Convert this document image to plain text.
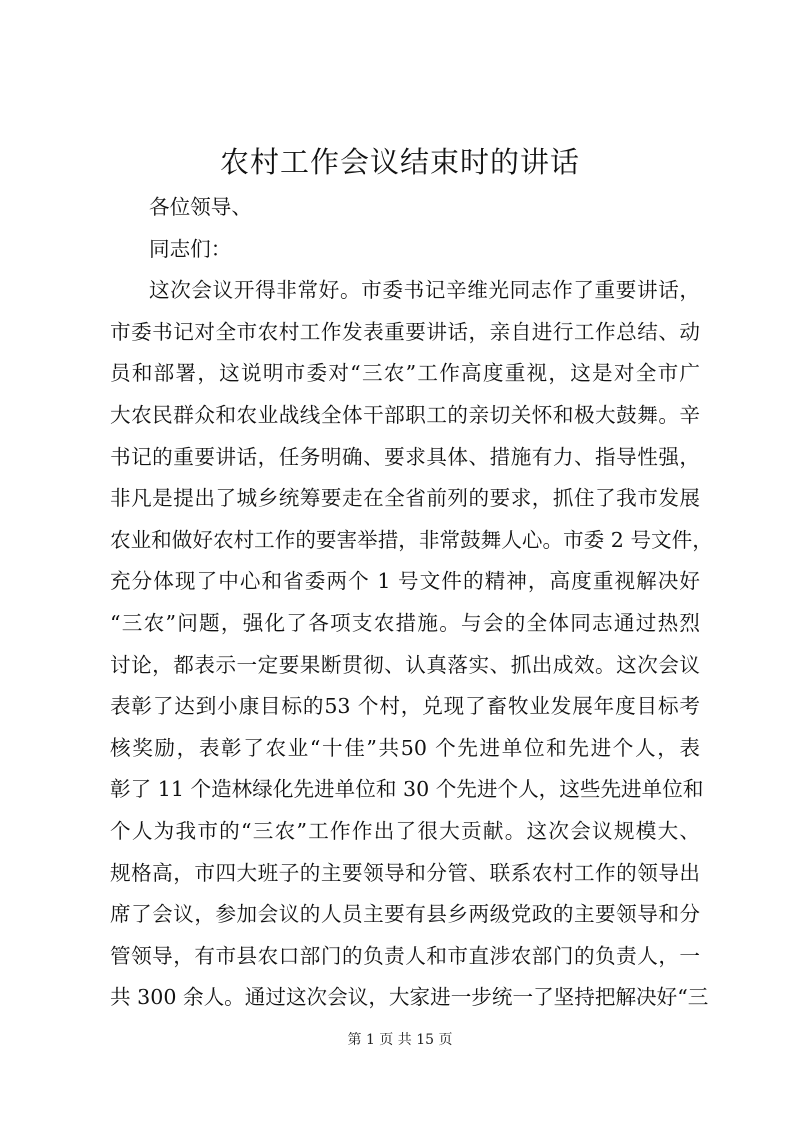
农村工作会议结束时的讲话
各位领导、
同志们：
这次会议开得非常好。市委书记辛维光同志作了重要讲话，
市委书记对全市农村工作发表重要讲话，亲自进行工作总结、动
员和部署，这说明市委对“三农”工作高度重视，这是对全市广
大农民群众和农业战线全体干部职工的亲切关怀和极大鼓舞。辛
书记的重要讲话，任务明确、要求具体、措施有力、指导性强，
非凡是提出了城乡统筹要走在全省前列的要求，抓住了我市发展
农业和做好农村工作的要害举措，非常鼓舞人心。市委 2 号文件，
充分体现了中心和省委两个 1 号文件的精神，高度重视解决好
“三农”问题，强化了各项支农措施。与会的全体同志通过热烈
讨论，都表示一定要果断贯彻、认真落实、抓出成效。这次会议
表彰了达到小康目标的53 个村，兑现了畜牧业发展年度目标考
核奖励，表彰了农业“十佳”共50 个先进单位和先进个人，表
彰了 11 个造林绿化先进单位和 30 个先进个人，这些先进单位和
个人为我市的“三农”工作作出了很大贡献。这次会议规模大、
规格高，市四大班子的主要领导和分管、联系农村工作的领导出
席了会议，参加会议的人员主要有县乡两级党政的主要领导和分
管领导，有市县农口部门的负责人和市直涉农部门的负责人，一
共 300 余人。通过这次会议，大家进一步统一了坚持把解决好“三
第 1 页 共 15 页
